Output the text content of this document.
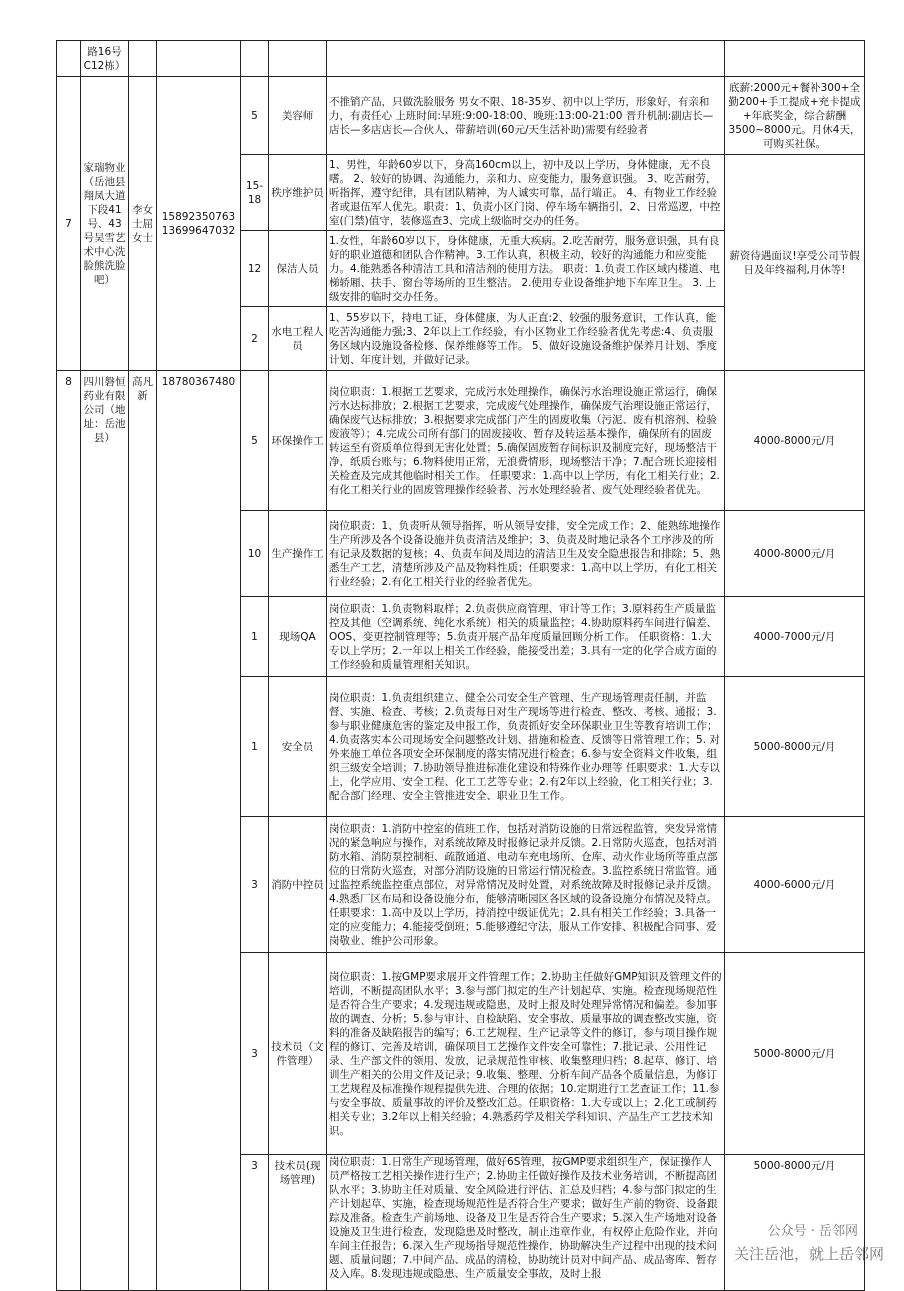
	路16号C12栋）						
7	家瑞物业（岳池县翔凤大道下段41号、43号吴雪艺术中心洗脸熊洗脸吧）	李女士屈女士	15892350763 13699647032	5	美容师	不推销产品，只做洗脸服务 男女不限、18-35岁、初中以上学历，形象好，有亲和力，有责任心 上班时间:早班:9:00-18:00、晚班:13:00-21:00 晋升机制:副店长—店长—多店店长—合伙人、带薪培训(60元/天生活补助)需要有经验者	底薪:2000元+餐补300+全勤200+手工提成+充卡提成+年底奖金，综合薪酬3500~8000元。月休4天，可购买社保。
				15-18	秩序维护员	1、男性，年龄60岁以下，身高160cm以上，初中及以上学历，身体健康，无不良嗜。 2、较好的协调、沟通能力，亲和力、应变能力，服务意识强。 3、吃苦耐劳，听指挥，遵守纪律，具有团队精神，为人诚实可靠，品行端正。 4、有物业工作经验者或退伍军人优先。职责：1、负责小区门岗、停车场车辆指引，2、日常巡逻，中控室(门禁)值守，装修巡查3、完成上级临时交办的任务。	薪资待遇面议!享受公司节假日及年终福利,月休等!
				12	保洁人员	1.女性，年龄60岁以下，身体健康，无重大疾病。2.吃苦耐劳，服务意识强，具有良好的职业道德和团队合作精神。3.工作认真，积极主动，较好的沟通能力和应变能力。4.能熟悉各种清洁工具和清洁剂的使用方法。 职责：1.负责工作区域内楼道、电梯轿厢、扶手、窗台等场所的卫生整洁。 2.使用专业设备维护地下车库卫生。 3. 上级安排的临时交办任务。	
				2	水电工程人员	1、55岁以下，持电工证，身体健康，为人正直:2、较强的服务意识，工作认真，能吃苦沟通能力强;3、2年以上工作经验，有小区物业工作经验者优先考虑:4、负责服务区域内设施设备检修、保养维修等工作。 5、做好设施设备维护保养月计划、季度计划、年度计划，并做好记录。	
8	四川磐恒药业有限公司（地址：岳池县）	高凡新	18780367480	5	环保操作工	岗位职责：1.根据工艺要求，完成污水处理操作，确保污水治理设施正常运行，确保污水达标排放；2.根据工艺要求，完成废气处理操作，确保废气治理设施正常运行，确保废气达标排放；3.根据要求完成部门产生的固废收集（污泥、废有机溶剂、检验废液等）；4.完成公司所有部门的固废接收、暂存及转运基本操作，确保所有的固废转运至有资质单位得到无害化处置；5.确保固废暂存间标识及制度完好，现场整洁干净，纸质台账与；6.物料使用正常，无浪费情形，现场整洁干净；7.配合班长迎接相关检查及完成其他临时相关工作。 任职要求：1.高中以上学历，有化工相关行业；2.有化工相关行业的固废管理操作经验者、污水处理经验者、废气处理经验者优先。	4000-8000元/月
				10	生产操作工	岗位职责：1、负责听从领导指挥，听从领导安排，安全完成工作；2、能熟练地操作生产所涉及各个设备设施并负责清洁及维护；3、负责及时地记录各个工序涉及的所有记录及数据的复核；4、负责车间及周边的清洁卫生及安全隐患报告和排除；5、熟悉生产工艺，清楚所涉及产品及物料性质；任职要求：1.高中以上学历，有化工相关行业经验；2.有化工相关行业的经验者优先。	4000-8000元/月
				1	现场QA	岗位职责：1.负责物料取样；2.负责供应商管理、审计等工作；3.原料药生产质量监控及其他（空调系统、纯化水系统）相关的质量监控；4.协助原料药车间进行偏差、OOS、变更控制管理等；5.负责开展产品年度质量回顾分析工作。 任职资格：1.大专以上学历；2.一年以上相关工作经验，能接受出差；3.具有一定的化学合成方面的工作经验和质量管理相关知识。	4000-7000元/月
				1	安全员	岗位职责：1.负责组织建立、健全公司安全生产管理、生产现场管理责任制，并监督、实施、检查、考核；2.负责每日对生产现场等进行检查、整改、考核、通报；3. 参与职业健康危害的鉴定及申报工作，负责抓好安全环保职业卫生等教育培训工作；4.负责落实本公司现场安全问题整改计划、措施和检查、反馈等日常管理工作；5. 对外来施工单位各项安全环保制度的落实情况进行检查；6.参与安全资料文件收集，组织三级安全培训；7.协助领导推进标准化建设和特殊作业办理等 任职要求：1.大专以上，化学应用、安全工程、化工工艺等专业；2.有2年以上经验，化工相关行业；3. 配合部门经理、安全主管推进安全、职业卫生工作。	5000-8000元/月
				3	消防中控员	岗位职责：1.消防中控室的值班工作，包括对消防设施的日常远程监管，突发异常情况的紧急响应与操作，对系统故障及时报修记录并反馈。2.日常防火巡查，包括对消防水箱、消防泵控制柜、疏散通道、电动车充电场所、仓库、动火作业场所等重点部位的日常防火巡查，对部分消防设施的日常运行情况检查。3.监控系统日常监管。通过监控系统监控重点部位，对异常情况及时处置，对系统故障及时报修记录并反馈。4.熟悉厂区布局和设备设施分布，能够清晰园区各区域的设备设施分布情况及特点。 任职要求：1.高中及以上学历，持消控中级证优先；2.具有相关工作经验；3.具备一定的应变能力；4.能接受倒班；5.能够遵纪守法，服从工作安排、积极配合同事、爱岗敬业、维护公司形象。	4000-6000元/月
				3	技术员（文件管理）	岗位职责：1.按GMP要求展开文件管理工作；2.协助主任做好GMP知识及管理文件的培训，不断提高团队水平；3.参与部门拟定的生产计划起草、实施。检查现场规范性是否符合生产要求；4.发现违规或隐患，及时上报及时处理异常情况和偏差。参加事故的调查、分析；5.参与审计、自检缺陷、安全事故、质量事故的调查整改实施，资料的准备及缺陷报告的编写；6.工艺规程、生产记录等文件的修订，参与项目操作规程的修订、完善及培训，确保项目工艺操作文件安全可靠性；7.批记录、公用性记录、生产部文件的领用、发放，记录规范性审核、收集整理归档；8.起草、修订、培训生产相关的公用文件及记录；9.收集、整理、分析车间产品各个质量信息，为修订工艺规程及标准操作规程提供先进、合理的依据；10.定期进行工艺查证工作；11.参与安全事故、质量事故的评价及整改汇总。任职资格：1.大专或以上；2.化工或制药相关专业；3.2年以上相关经验；4.熟悉药学及相关学科知识、产品生产工艺技术知识。	5000-8000元/月
				3	技术员(现场管理)	岗位职责：1.日常生产现场管理，做好6S管理，按GMP要求组织生产，保证操作人员严格按工艺相关操作进行生产；2.协助主任做好操作及技术业务培训，不断提高团队水平；3.协助主任对质量、安全风险进行评估、汇总及归档；4.参与部门拟定的生产计划起草、实施，检查现场规范性是否符合生产要求；做好生产前的物资、设备跟踪及准备。检查生产前场地、设备及卫生是否符合生产要求；5.深入生产场地对设备设施及卫生进行检查，发现隐患及时整改，制止违章作业，有权停止危险作业，并向车间主任报告；6.深入生产现场指导规范性操作，协助解决生产过程中出现的技术问题、质量问题；7.中间产品、成品的清检，协助统计员对中间产品、成品寄库、暂存及入库。8.发现违规或隐患、生产质量安全事故，及时上报	5000-8000元/月
公众号 · 岳邻网
关注岳池，就上岳邻网
